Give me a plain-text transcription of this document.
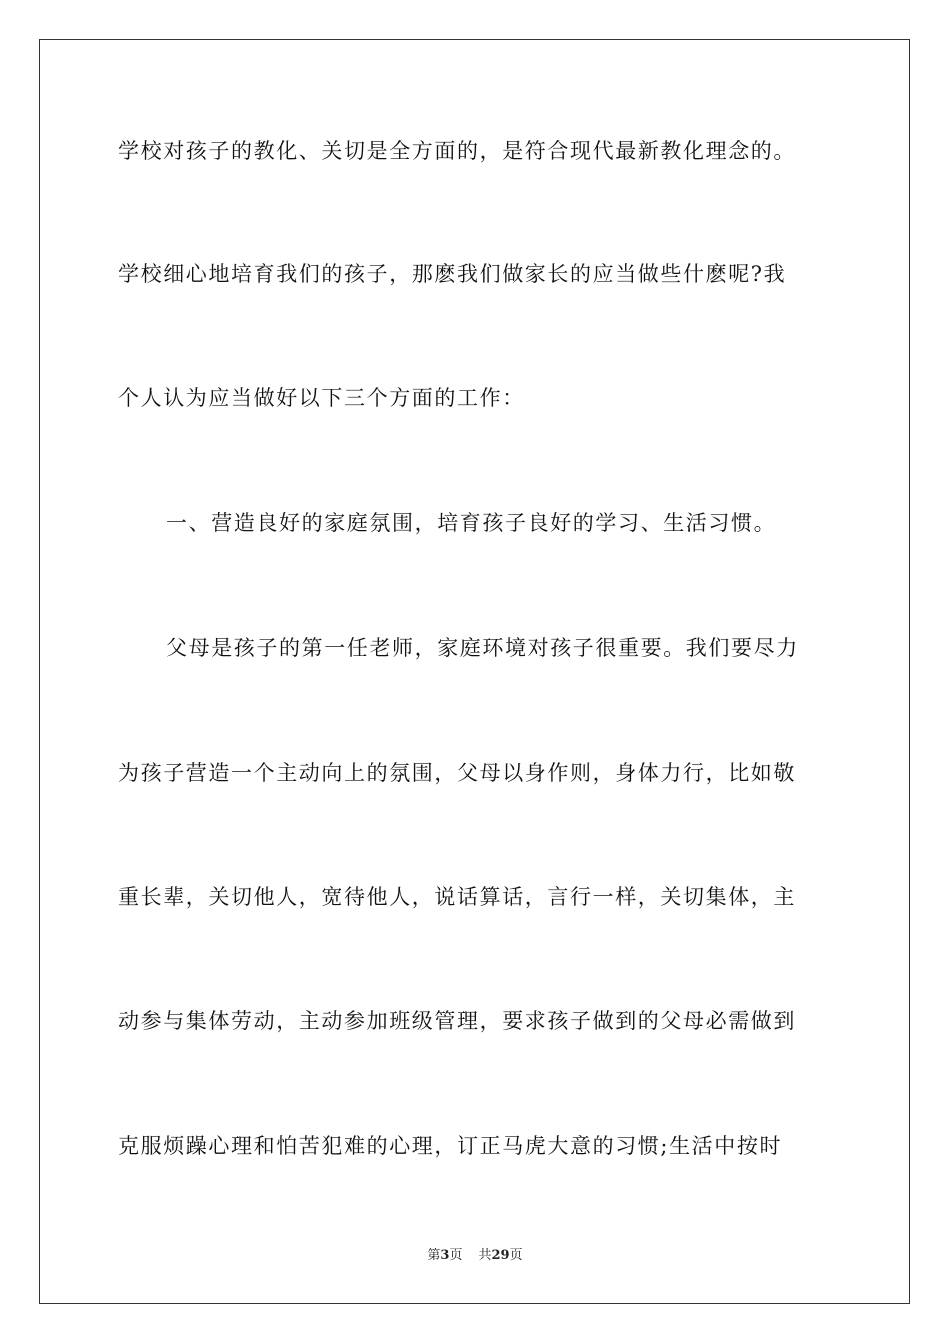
学校对孩子的教化、关切是全方面的，是符合现代最新教化理念的。
学校细心地培育我们的孩子，那麽我们做家长的应当做些什麽呢?我
个人认为应当做好以下三个方面的工作：
一、营造良好的家庭氛围，培育孩子良好的学习、生活习惯。
父母是孩子的第一任老师，家庭环境对孩子很重要。我们要尽力
为孩子营造一个主动向上的氛围，父母以身作则，身体力行，比如敬
重长辈，关切他人，宽待他人，说话算话，言行一样，关切集体，主
动参与集体劳动，主动参加班级管理，要求孩子做到的父母必需做到
克服烦躁心理和怕苦犯难的心理，订正马虎大意的习惯;生活中按时
第3页 共29页
